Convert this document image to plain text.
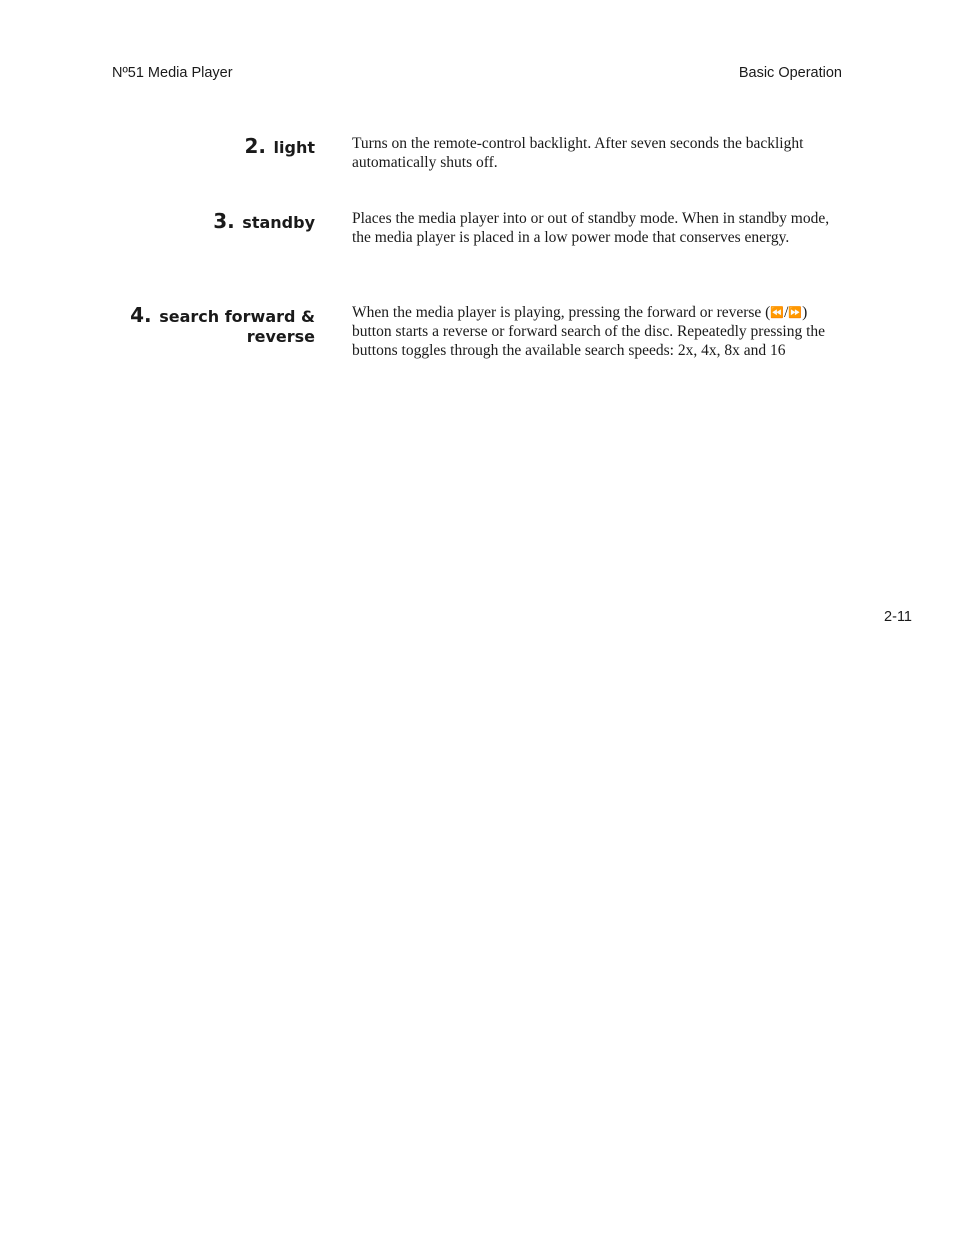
Nº51 Media Player	Basic Operation
2. light Turns on the remote-control backlight. After seven seconds the backlight automatically shuts off.
3. standby Places the media player into or out of standby mode. When in standby mode, the media player is placed in a low power mode that conserves energy.
4. search forward &
reverse
When the media player is playing, pressing the forward or reverse (⏪/⏩) button starts a reverse or forward search of the disc. Repeatedly pressing the buttons toggles through the available search speeds: 2x, 4x, 8x and 16
2-11
